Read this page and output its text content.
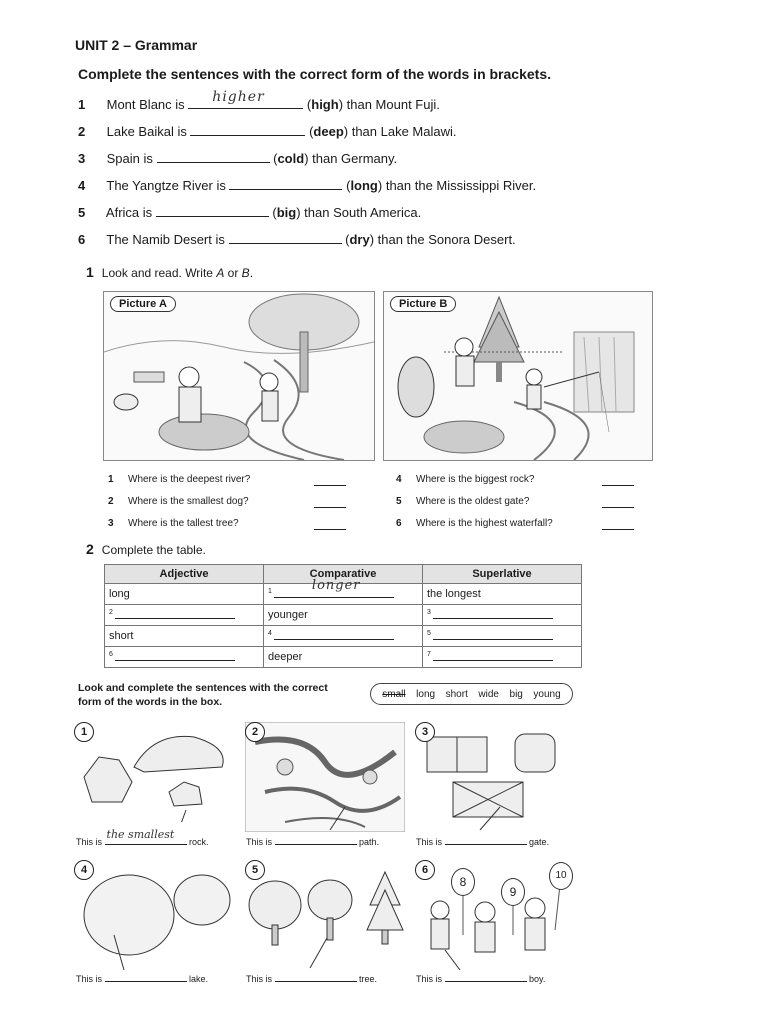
UNIT 2 – Grammar
Complete the sentences with the correct form of the words in brackets.
1 Mont Blanc is higher	(high) than Mount Fuji.
2 Lake Baikal is	(deep) than Lake Malawi.
3 Spain is	(cold) than Germany.
4 The Yangtze River is	(long) than the Mississippi River.
5 Africa is	(big) than South America.
6 The Namib Desert is	(dry) than the Sonora Desert.
1 Look and read. Write A or B.
Picture A	Picture B
1 Where is the deepest river?
2 Where is the smallest dog?
3 Where is the tallest tree?
4 Where is the biggest rock?
5 Where is the oldest gate?
6 Where is the highest waterfall?
2 Complete the table.
Adjective	Comparative	Superlative
long	$^1$ longer	the longest
$^2$	younger	$^3$
short	$^4$	$^5$
$^6$	deeper	$^7$
Look and complete the sentences with the correct
form of the words in the box.
small long short wide big young
1
This is
the smallest
rock.
2
This is	path.
3
This is	gate.
4
This is	lake.
5
This is	tree.
8
9
10
6
This is	boy.
